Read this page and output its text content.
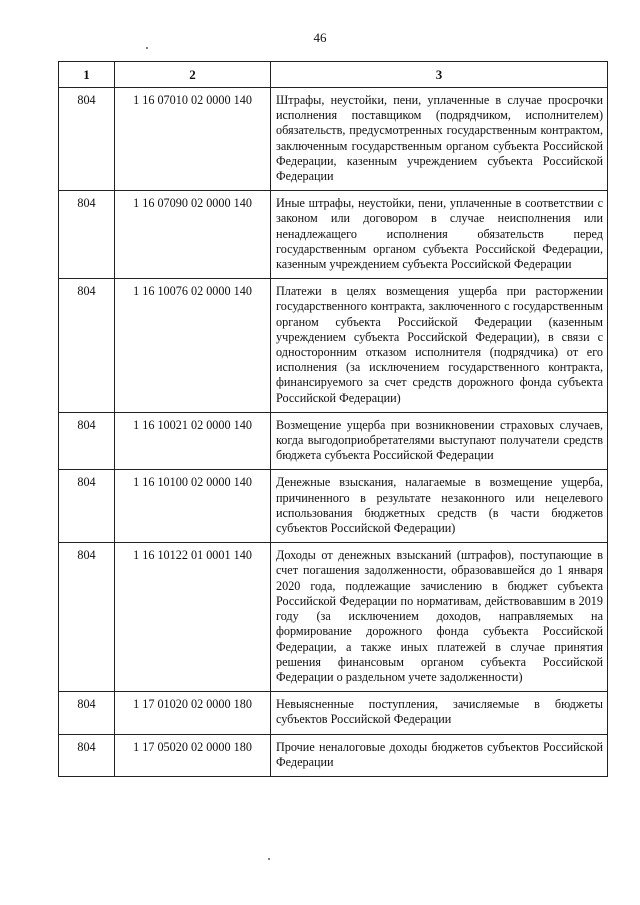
46
1	2	3
804	1 16 07010 02 0000 140	Штрафы, неустойки, пени, уплаченные в случае просрочки исполнения поставщиком (подрядчиком, исполнителем) обязательств, предусмотренных государственным контрактом, заключенным государственным органом субъекта Российской Федерации, казенным учреждением субъекта Российской Федерации
804	1 16 07090 02 0000 140	Иные штрафы, неустойки, пени, уплаченные в соответствии с законом или договором в случае неисполнения или ненадлежащего исполнения обязательств перед государственным органом субъекта Российской Федерации, казенным учреждением субъекта Российской Федерации
804	1 16 10076 02 0000 140	Платежи в целях возмещения ущерба при расторжении государственного контракта, заключенного с государственным органом субъекта Российской Федерации (казенным учреждением субъекта Российской Федерации), в связи с односторонним отказом исполнителя (подрядчика) от его исполнения (за исключением государственного контракта, финансируемого за счет средств дорожного фонда субъекта Российской Федерации)
804	1 16 10021 02 0000 140	Возмещение ущерба при возникновении страховых случаев, когда выгодоприобретателями выступают получатели средств бюджета субъекта Российской Федерации
804	1 16 10100 02 0000 140	Денежные взыскания, налагаемые в возмещение ущерба, причиненного в результате незаконного или нецелевого использования бюджетных средств (в части бюджетов субъектов Российской Федерации)
804	1 16 10122 01 0001 140	Доходы от денежных взысканий (штрафов), поступающие в счет погашения задолженности, образовавшейся до 1 января 2020 года, подлежащие зачислению в бюджет субъекта Российской Федерации по нормативам, действовавшим в 2019 году (за исключением доходов, направляемых на формирование дорожного фонда субъекта Российской Федерации, а также иных платежей в случае принятия решения финансовым органом субъекта Российской Федерации о раздельном учете задолженности)
804	1 17 01020 02 0000 180	Невыясненные поступления, зачисляемые в бюджеты субъектов Российской Федерации
804	1 17 05020 02 0000 180	Прочие неналоговые доходы бюджетов субъектов Российской Федерации
